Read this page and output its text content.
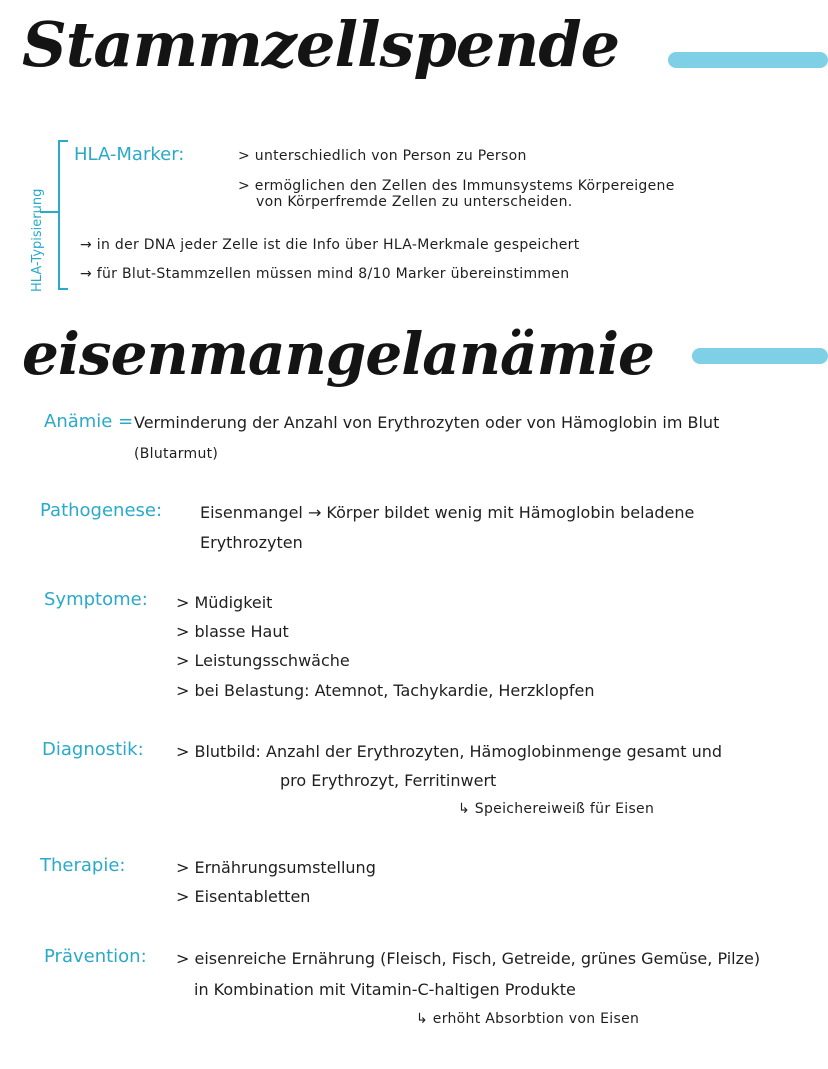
Stammzellspende
HLA-Typisierung
HLA-Marker:	> unterschiedlich von Person zu Person
> ermöglichen den Zellen des Immunsystems Körpereigene
von Körperfremde Zellen zu unterscheiden.
→ in der DNA jeder Zelle ist die Info über HLA-Merkmale gespeichert
→ für Blut-Stammzellen müssen mind 8/10 Marker übereinstimmen
eisenmangelanämie
Anämie = Verminderung der Anzahl von Erythrozyten oder von Hämoglobin im Blut
(Blutarmut)
Pathogenese: Eisenmangel → Körper bildet wenig mit Hämoglobin beladene
Erythrozyten
Symptome: > Müdigkeit
> blasse Haut
> Leistungsschwäche
> bei Belastung: Atemnot, Tachykardie, Herzklopfen
Diagnostik: > Blutbild: Anzahl der Erythrozyten, Hämoglobinmenge gesamt und
pro Erythrozyt, Ferritinwert
↳ Speichereiweiß für Eisen
Therapie:	> Ernährungsumstellung
> Eisentabletten
Prävention: > eisenreiche Ernährung (Fleisch, Fisch, Getreide, grünes Gemüse, Pilze)
in Kombination mit Vitamin-C-haltigen Produkte
↳ erhöht Absorbtion von Eisen
